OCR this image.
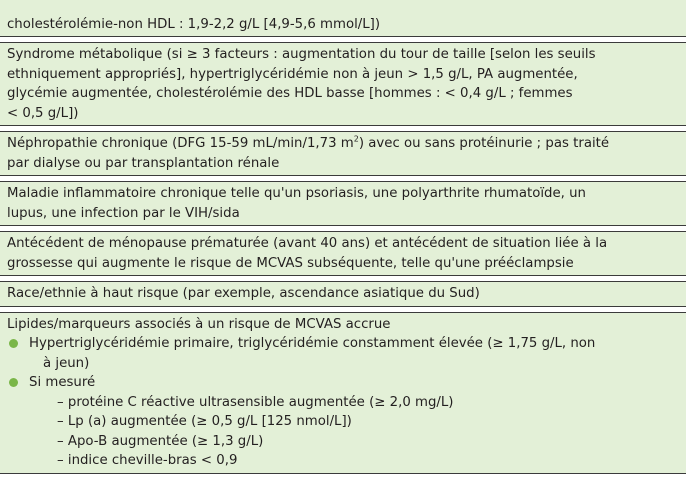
cholestérolémie-non HDL : 1,9-2,2 g/L [4,9-5,6 mmol/L])
Syndrome métabolique (si ≥ 3 facteurs : augmentation du tour de taille [selon les seuils
ethniquement appropriés], hypertriglycéridémie non à jeun > 1,5 g/L, PA augmentée,
glycémie augmentée, cholestérolémie des HDL basse [hommes : < 0,4 g/L ; femmes
< 0,5 g/L])
Néphropathie chronique (DFG 15-59 mL/min/1,73 $m^2$) avec ou sans protéinurie ; pas traité
par dialyse ou par transplantation rénale
Maladie inflammatoire chronique telle qu'un psoriasis, une polyarthrite rhumatoïde, un
lupus, une infection par le VIH/sida
Antécédent de ménopause prématurée (avant 40 ans) et antécédent de situation liée à la
grossesse qui augmente le risque de MCVAS subséquente, telle qu'une prééclampsie
Race/ethnie à haut risque (par exemple, ascendance asiatique du Sud)
Lipides/marqueurs associés à un risque de MCVAS accrue
Hypertriglycéridémie primaire, triglycéridémie constamment élevée (≥ 1,75 g/L, non
à jeun)
Si mesuré
– protéine C réactive ultrasensible augmentée (≥ 2,0 mg/L)
– Lp (a) augmentée (≥ 0,5 g/L [125 nmol/L])
– Apo-B augmentée (≥ 1,3 g/L)
– indice cheville-bras < 0,9
